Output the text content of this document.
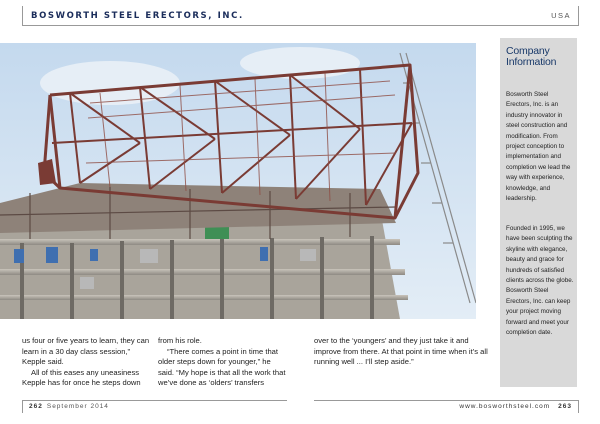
BOSWORTH STEEL ERECTORS, INC.	USA
Company
Information

Bosworth Steel Erectors, Inc. is an industry innovator in steel construction and modification. From project conception to implementation and completion we lead the way with experience, knowledge, and leadership.

Founded in 1995, we have been sculpting the skyline with elegance, beauty and grace for hundreds of satisfied clients across the globe. Bosworth Steel Erectors, Inc. can keep your project moving forward and meet your completion date.

us four or five years to learn, they can learn in a 30 day class session,” Kepple said.

All of this eases any uneasiness Kepple has for once he steps down

from his role.

“There comes a point in time that older steps down for younger,” he said. “My hope is that all the work that we’ve done as ‘olders’ transfers

over to the ‘youngers’ and they just take it and improve from there. At that point in time when it’s all running well ... I’ll step aside.”

262 September 2014	www.bosworthsteel.com 263
